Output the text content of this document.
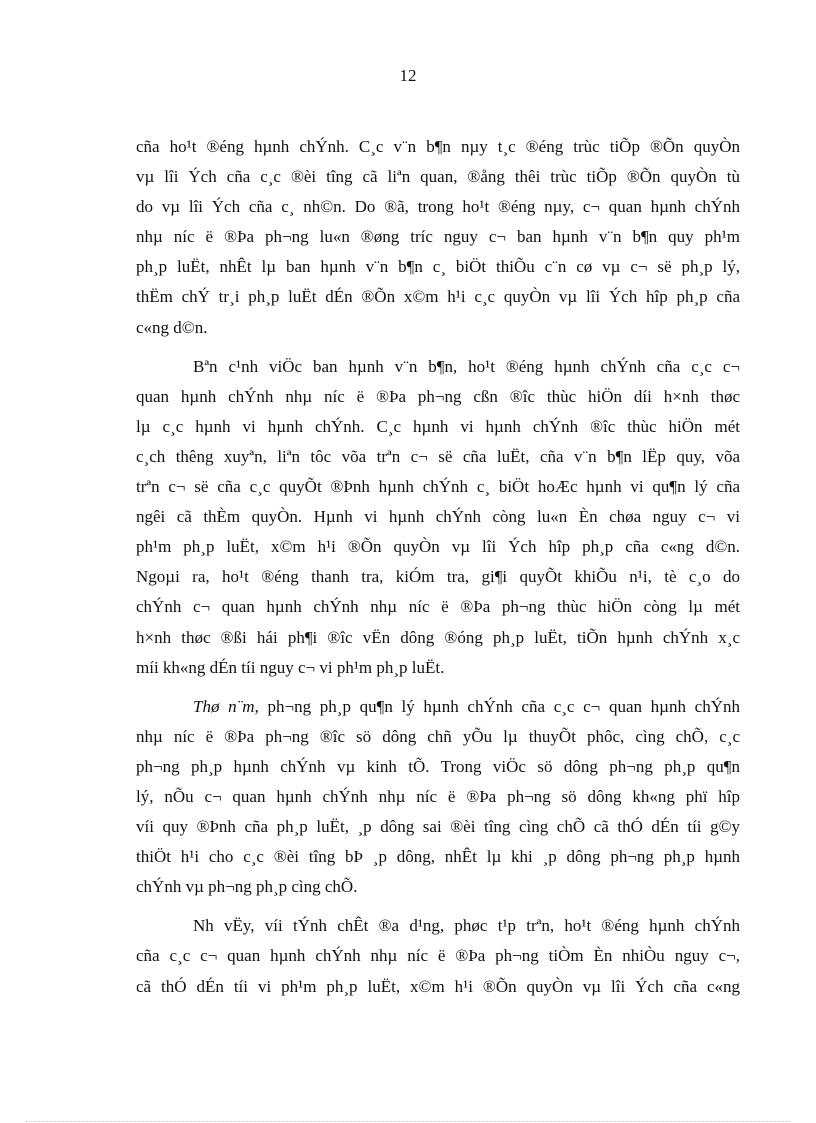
12
cña ho¹t ®éng hµnh chÝnh. C¸c v¨n b¶n nµy t¸c ®éng trùc tiÕp ®Õn quyÒn
vµ lîi Ých cña c¸c ®èi tîng cã liªn quan, ®ång thêi trùc tiÕp ®Õn quyÒn tù
do vµ lîi Ých cña c¸ nh©n. Do ®ã, trong ho¹t ®éng nµy, c¬ quan hµnh chÝnh
nhµ níc ë ®Þa ph¬ng lu«n ®øng tríc nguy c¬ ban hµnh v¨n b¶n quy ph¹m
ph¸p luËt, nhÊt lµ ban hµnh v¨n b¶n c¸ biÖt thiÕu c¨n cø vµ c¬ së ph¸p lý,
thËm chÝ tr¸i ph¸p luËt dÉn ®Õn x©m h¹i c¸c quyÒn vµ lîi Ých hîp ph¸p cña
c«ng d©n.
Bªn c¹nh viÖc ban hµnh v¨n b¶n, ho¹t ®éng hµnh chÝnh cña c¸c c¬
quan hµnh chÝnh nhµ níc ë ®Þa ph¬ng cßn ®îc thùc hiÖn díi h×nh thøc
lµ c¸c hµnh vi hµnh chÝnh. C¸c hµnh vi hµnh chÝnh ®îc thùc hiÖn mét
c¸ch thêng xuyªn, liªn tôc võa trªn c¬ së cña luËt, cña v¨n b¶n lËp quy, võa
trªn c¬ së cña c¸c quyÕt ®Þnh hµnh chÝnh c¸ biÖt hoÆc hµnh vi qu¶n lý cña
ngêi cã thÈm quyÒn. Hµnh vi hµnh chÝnh còng lu«n Èn chøa nguy c¬ vi
ph¹m ph¸p luËt, x©m h¹i ®Õn quyÒn vµ lîi Ých hîp ph¸p cña c«ng d©n.
Ngoµi ra, ho¹t ®éng thanh tra, kiÓm tra, gi¶i quyÕt khiÕu n¹i, tè c¸o do
chÝnh c¬ quan hµnh chÝnh nhµ níc ë ®Þa ph¬ng thùc hiÖn còng lµ mét
h×nh thøc ®ßi hái ph¶i ®îc vËn dông ®óng ph¸p luËt, tiÕn hµnh chÝnh x¸c
míi kh«ng dÉn tíi nguy c¬ vi ph¹m ph¸p luËt.
Thø n¨m, ph¬ng ph¸p qu¶n lý hµnh chÝnh cña c¸c c¬ quan hµnh chÝnh
nhµ níc ë ®Þa ph¬ng ®îc sö dông chñ yÕu lµ thuyÕt phôc, cìng chÕ, c¸c
ph¬ng ph¸p hµnh chÝnh vµ kinh tÕ. Trong viÖc sö dông ph¬ng ph¸p qu¶n
lý, nÕu c¬ quan hµnh chÝnh nhµ níc ë ®Þa ph¬ng sö dông kh«ng phï hîp
víi quy ®Þnh cña ph¸p luËt, ¸p dông sai ®èi tîng cìng chÕ cã thÓ dÉn tíi g©y
thiÖt h¹i cho c¸c ®èi tîng bÞ ¸p dông, nhÊt lµ khi ¸p dông ph¬ng ph¸p hµnh
chÝnh vµ ph¬ng ph¸p cìng chÕ.
Nh vËy, víi tÝnh chÊt ®a d¹ng, phøc t¹p trªn, ho¹t ®éng hµnh chÝnh
cña c¸c c¬ quan hµnh chÝnh nhµ níc ë ®Þa ph¬ng tiÒm Èn nhiÒu nguy c¬,
cã thÓ dÉn tíi vi ph¹m ph¸p luËt, x©m h¹i ®Õn quyÒn vµ lîi Ých cña c«ng
